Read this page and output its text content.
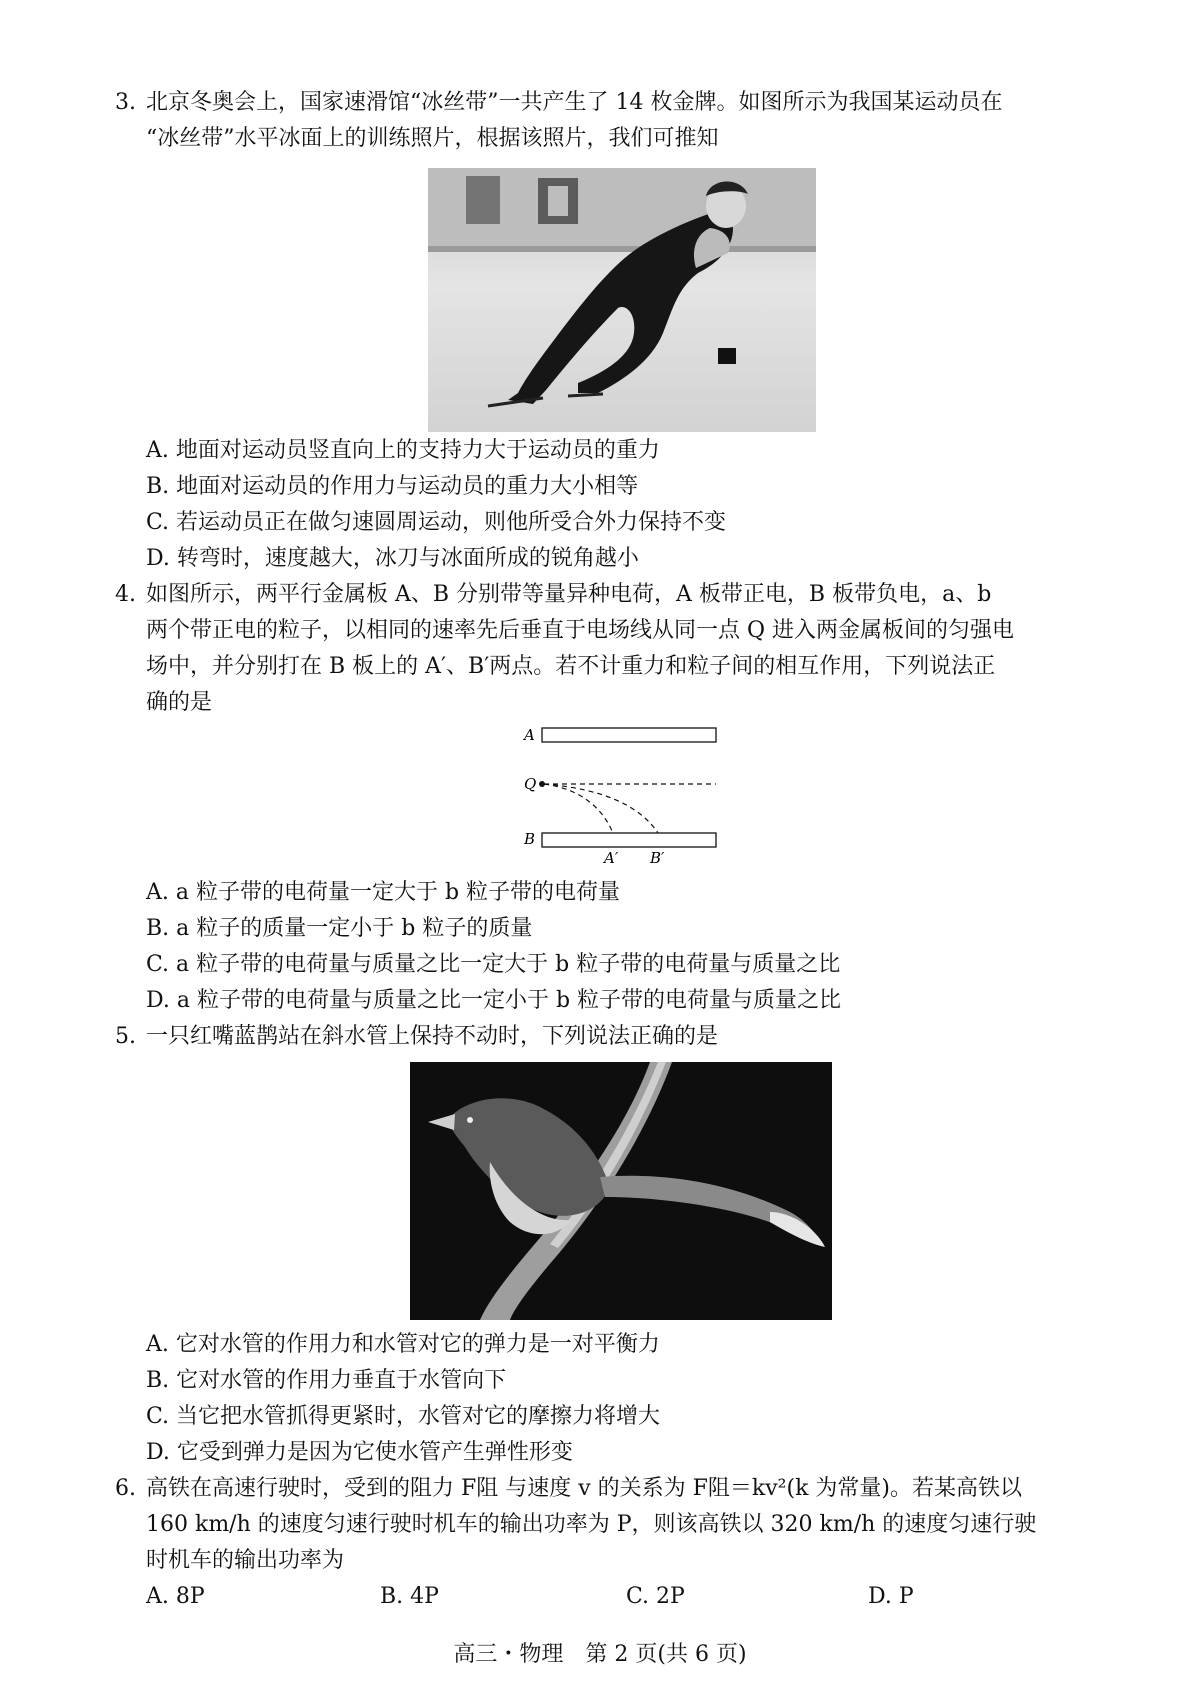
3. 北京冬奥会上，国家速滑馆“冰丝带”一共产生了 14 枚金牌。如图所示为我国某运动员在
“冰丝带”水平冰面上的训练照片，根据该照片，我们可推知
A. 地面对运动员竖直向上的支持力大于运动员的重力
B. 地面对运动员的作用力与运动员的重力大小相等
C. 若运动员正在做匀速圆周运动，则他所受合外力保持不变
D. 转弯时，速度越大，冰刀与冰面所成的锐角越小
4. 如图所示，两平行金属板 A、B 分别带等量异种电荷，A 板带正电，B 板带负电，a、b
两个带正电的粒子，以相同的速率先后垂直于电场线从同一点 Q 进入两金属板间的匀强电
场中，并分别打在 B 板上的 A′、B′两点。若不计重力和粒子间的相互作用，下列说法正
确的是
A
Q
B
A′ B′
A. a 粒子带的电荷量一定大于 b 粒子带的电荷量
B. a 粒子的质量一定小于 b 粒子的质量
C. a 粒子带的电荷量与质量之比一定大于 b 粒子带的电荷量与质量之比
D. a 粒子带的电荷量与质量之比一定小于 b 粒子带的电荷量与质量之比
5. 一只红嘴蓝鹊站在斜水管上保持不动时，下列说法正确的是
A. 它对水管的作用力和水管对它的弹力是一对平衡力
B. 它对水管的作用力垂直于水管向下
C. 当它把水管抓得更紧时，水管对它的摩擦力将增大
D. 它受到弹力是因为它使水管产生弹性形变
6. 高铁在高速行驶时，受到的阻力 F阻 与速度 v 的关系为 F阻＝kv²(k 为常量)。若某高铁以
160 km/h 的速度匀速行驶时机车的输出功率为 P，则该高铁以 320 km/h 的速度匀速行驶
时机车的输出功率为
A. 8P	B. 4P	C. 2P	D. P
高三・物理　第 2 页(共 6 页)
